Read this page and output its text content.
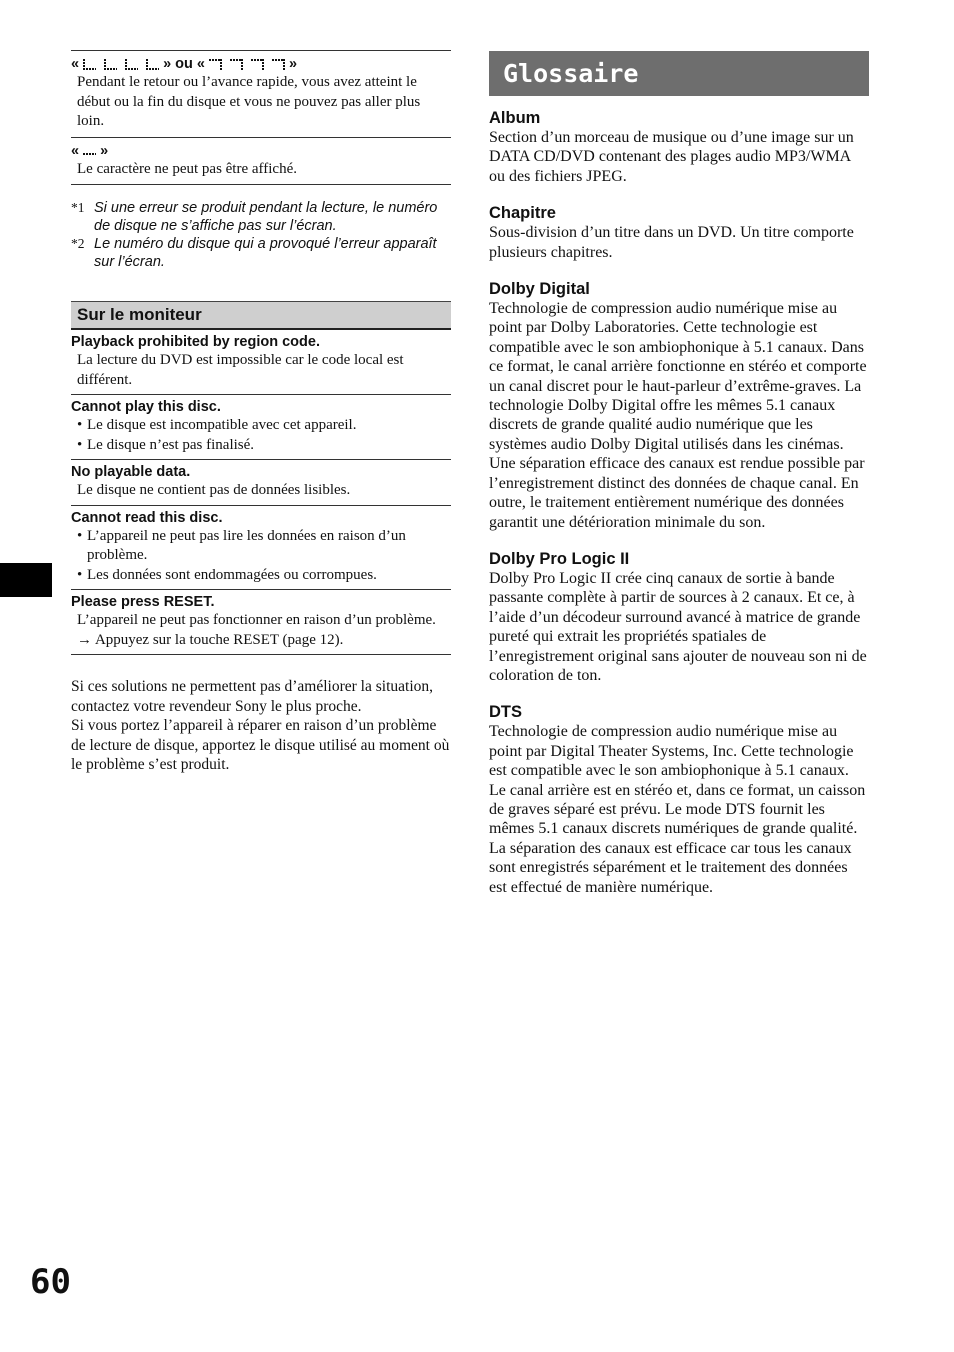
«	» ou «	»
Pendant le retour ou l’avance rapide, vous avez atteint le début ou la fin du disque et vous ne pouvez pas aller plus loin.
« »
Le caractère ne peut pas être affiché.
*1 Si une erreur se produit pendant la lecture, le numéro de disque ne s’affiche pas sur l’écran.
*2 Le numéro du disque qui a provoqué l’erreur apparaît sur l’écran.
Sur le moniteur
Playback prohibited by region code.
La lecture du DVD est impossible car le code local est différent.
Cannot play this disc.
• Le disque est incompatible avec cet appareil.
• Le disque n’est pas finalisé.
No playable data.
Le disque ne contient pas de données lisibles.
Cannot read this disc.
• L’appareil ne peut pas lire les données en raison d’un problème.
• Les données sont endommagées ou corrompues.
Please press RESET.
L’appareil ne peut pas fonctionner en raison d’un problème.
→ Appuyez sur la touche RESET (page 12).
Si ces solutions ne permettent pas d’améliorer la situation, contactez votre revendeur Sony le plus proche.
Si vous portez l’appareil à réparer en raison d’un problème de lecture de disque, apportez le disque utilisé au moment où le problème s’est produit.
Glossaire
Album
Section d’un morceau de musique ou d’une image sur un DATA CD/DVD contenant des plages audio MP3/WMA ou des fichiers JPEG.
Chapitre
Sous-division d’un titre dans un DVD. Un titre comporte plusieurs chapitres.
Dolby Digital
Technologie de compression audio numérique mise au point par Dolby Laboratories. Cette technologie est compatible avec le son ambiophonique à 5.1 canaux. Dans ce format, le canal arrière fonctionne en stéréo et comporte un canal discret pour le haut-parleur d’extrême-graves. La technologie Dolby Digital offre les mêmes 5.1 canaux discrets de grande qualité audio numérique que les systèmes audio Dolby Digital utilisés dans les cinémas. Une séparation efficace des canaux est rendue possible par l’enregistrement distinct des données de chaque canal. En outre, le traitement entièrement numérique des données garantit une détérioration minimale du son.
Dolby Pro Logic II
Dolby Pro Logic II crée cinq canaux de sortie à bande passante complète à partir de sources à 2 canaux. Et ce, à l’aide d’un décodeur surround avancé à matrice de grande pureté qui extrait les propriétés spatiales de l’enregistrement original sans ajouter de nouveau son ni de coloration de ton.
DTS
Technologie de compression audio numérique mise au point par Digital Theater Systems, Inc. Cette technologie est compatible avec le son ambiophonique à 5.1 canaux. Le canal arrière est en stéréo et, dans ce format, un caisson de graves séparé est prévu. Le mode DTS fournit les mêmes 5.1 canaux discrets numériques de grande qualité. La séparation des canaux est efficace car tous les canaux sont enregistrés séparément et le traitement des données est effectué de manière numérique.
60
